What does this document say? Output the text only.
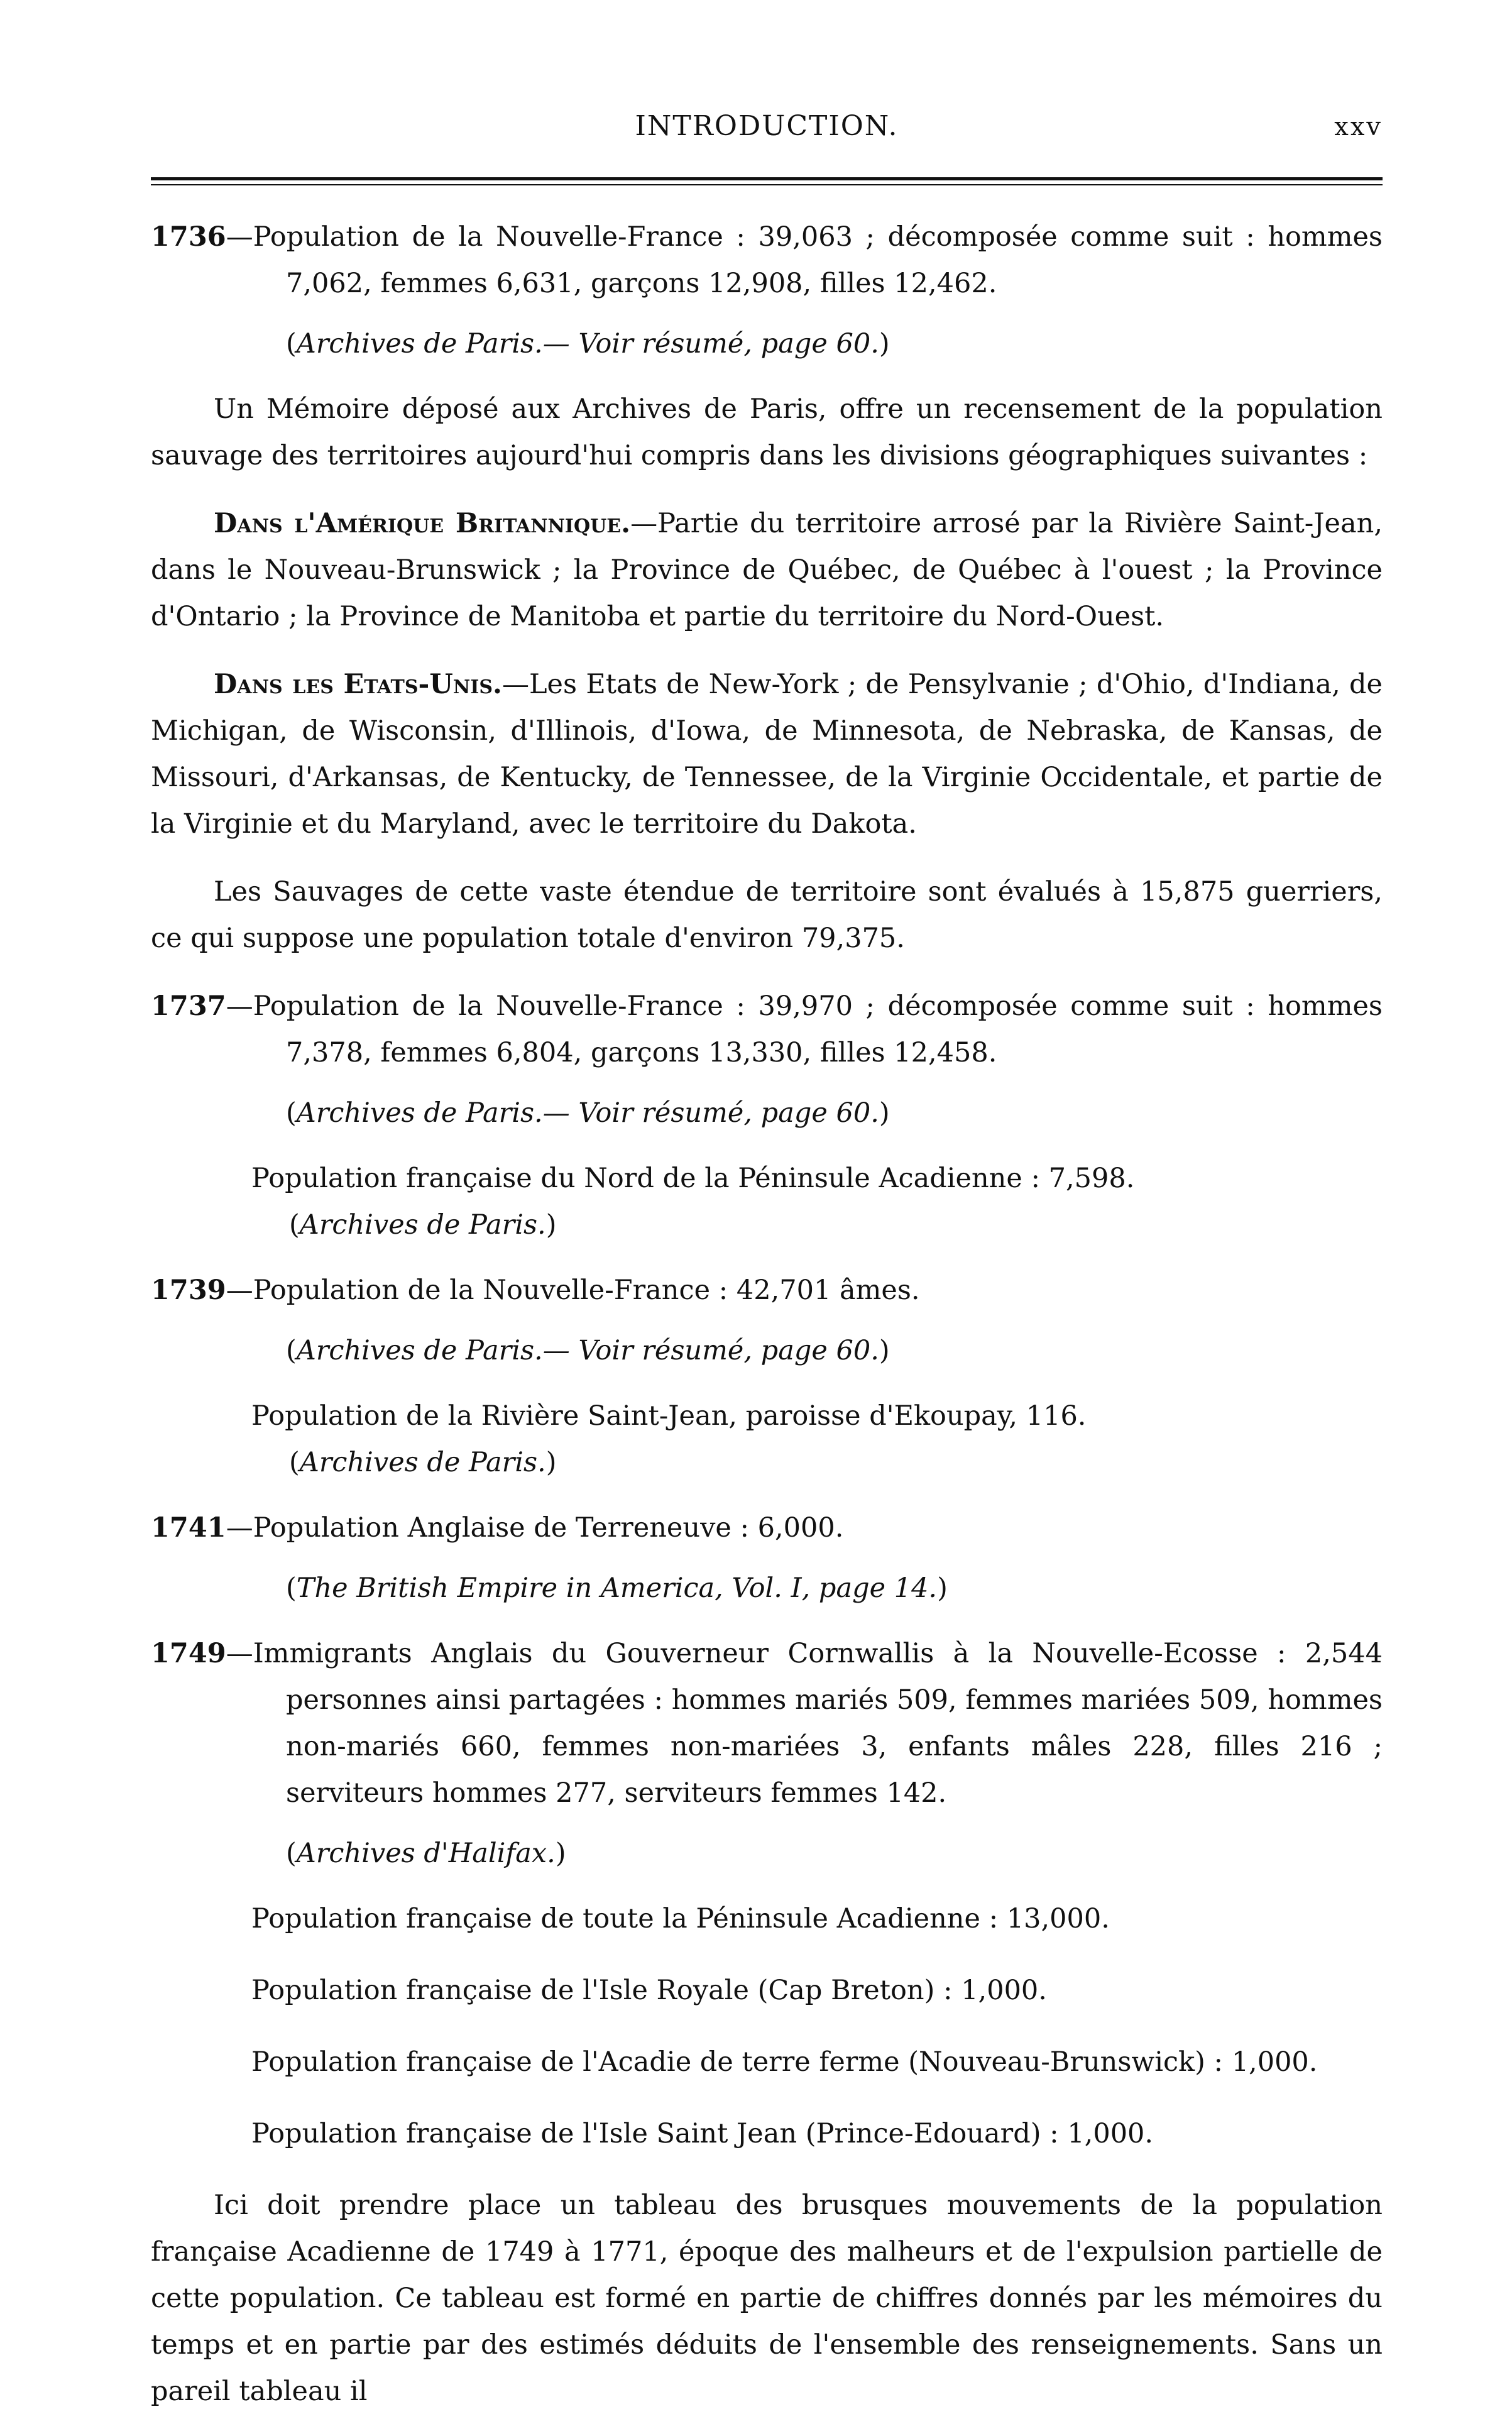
INTRODUCTION.	xxv
1736—Population de la Nouvelle-France : 39,063 ; décomposée comme suit : hommes 7,062, femmes 6,631, garçons 12,908, filles 12,462.
(Archives de Paris.— Voir résumé, page 60.)

Un Mémoire déposé aux Archives de Paris, offre un recensement de la population sauvage des territoires aujourd'hui compris dans les divisions géographiques suivantes :

Dans l'Amérique Britannique.—Partie du territoire arrosé par la Rivière Saint-Jean, dans le Nouveau-Brunswick ; la Province de Québec, de Québec à l'ouest ; la Province d'Ontario ; la Province de Manitoba et partie du territoire du Nord-Ouest.

Dans les Etats-Unis.—Les Etats de New-York ; de Pensylvanie ; d'Ohio, d'Indiana, de Michigan, de Wisconsin, d'Illinois, d'Iowa, de Minnesota, de Nebraska, de Kansas, de Missouri, d'Arkansas, de Kentucky, de Tennessee, de la Virginie Occidentale, et partie de la Virginie et du Maryland, avec le territoire du Dakota.

Les Sauvages de cette vaste étendue de territoire sont évalués à 15,875 guerriers, ce qui suppose une population totale d'environ 79,375.

1737—Population de la Nouvelle-France : 39,970 ; décomposée comme suit : hommes 7,378, femmes 6,804, garçons 13,330, filles 12,458.
(Archives de Paris.— Voir résumé, page 60.)
Population française du Nord de la Péninsule Acadienne : 7,598.
(Archives de Paris.)
1739—Population de la Nouvelle-France : 42,701 âmes.
(Archives de Paris.— Voir résumé, page 60.)
Population de la Rivière Saint-Jean, paroisse d'Ekoupay, 116.
(Archives de Paris.)
1741—Population Anglaise de Terreneuve : 6,000.
(The British Empire in America, Vol. I, page 14.)
1749—Immigrants Anglais du Gouverneur Cornwallis à la Nouvelle-Ecosse : 2,544 personnes ainsi partagées : hommes mariés 509, femmes mariées 509, hommes non-mariés 660, femmes non-mariées 3, enfants mâles 228, filles 216 ; serviteurs hommes 277, serviteurs femmes 142.
(Archives d'Halifax.)
Population française de toute la Péninsule Acadienne : 13,000.
Population française de l'Isle Royale (Cap Breton) : 1,000.
Population française de l'Acadie de terre ferme (Nouveau-Brunswick) : 1,000.
Population française de l'Isle Saint Jean (Prince-Edouard) : 1,000.

Ici doit prendre place un tableau des brusques mouvements de la population française Acadienne de 1749 à 1771, époque des malheurs et de l'expulsion partielle de cette population. Ce tableau est formé en partie de chiffres donnés par les mémoires du temps et en partie par des estimés déduits de l'ensemble des renseignements. Sans un pareil tableau il
